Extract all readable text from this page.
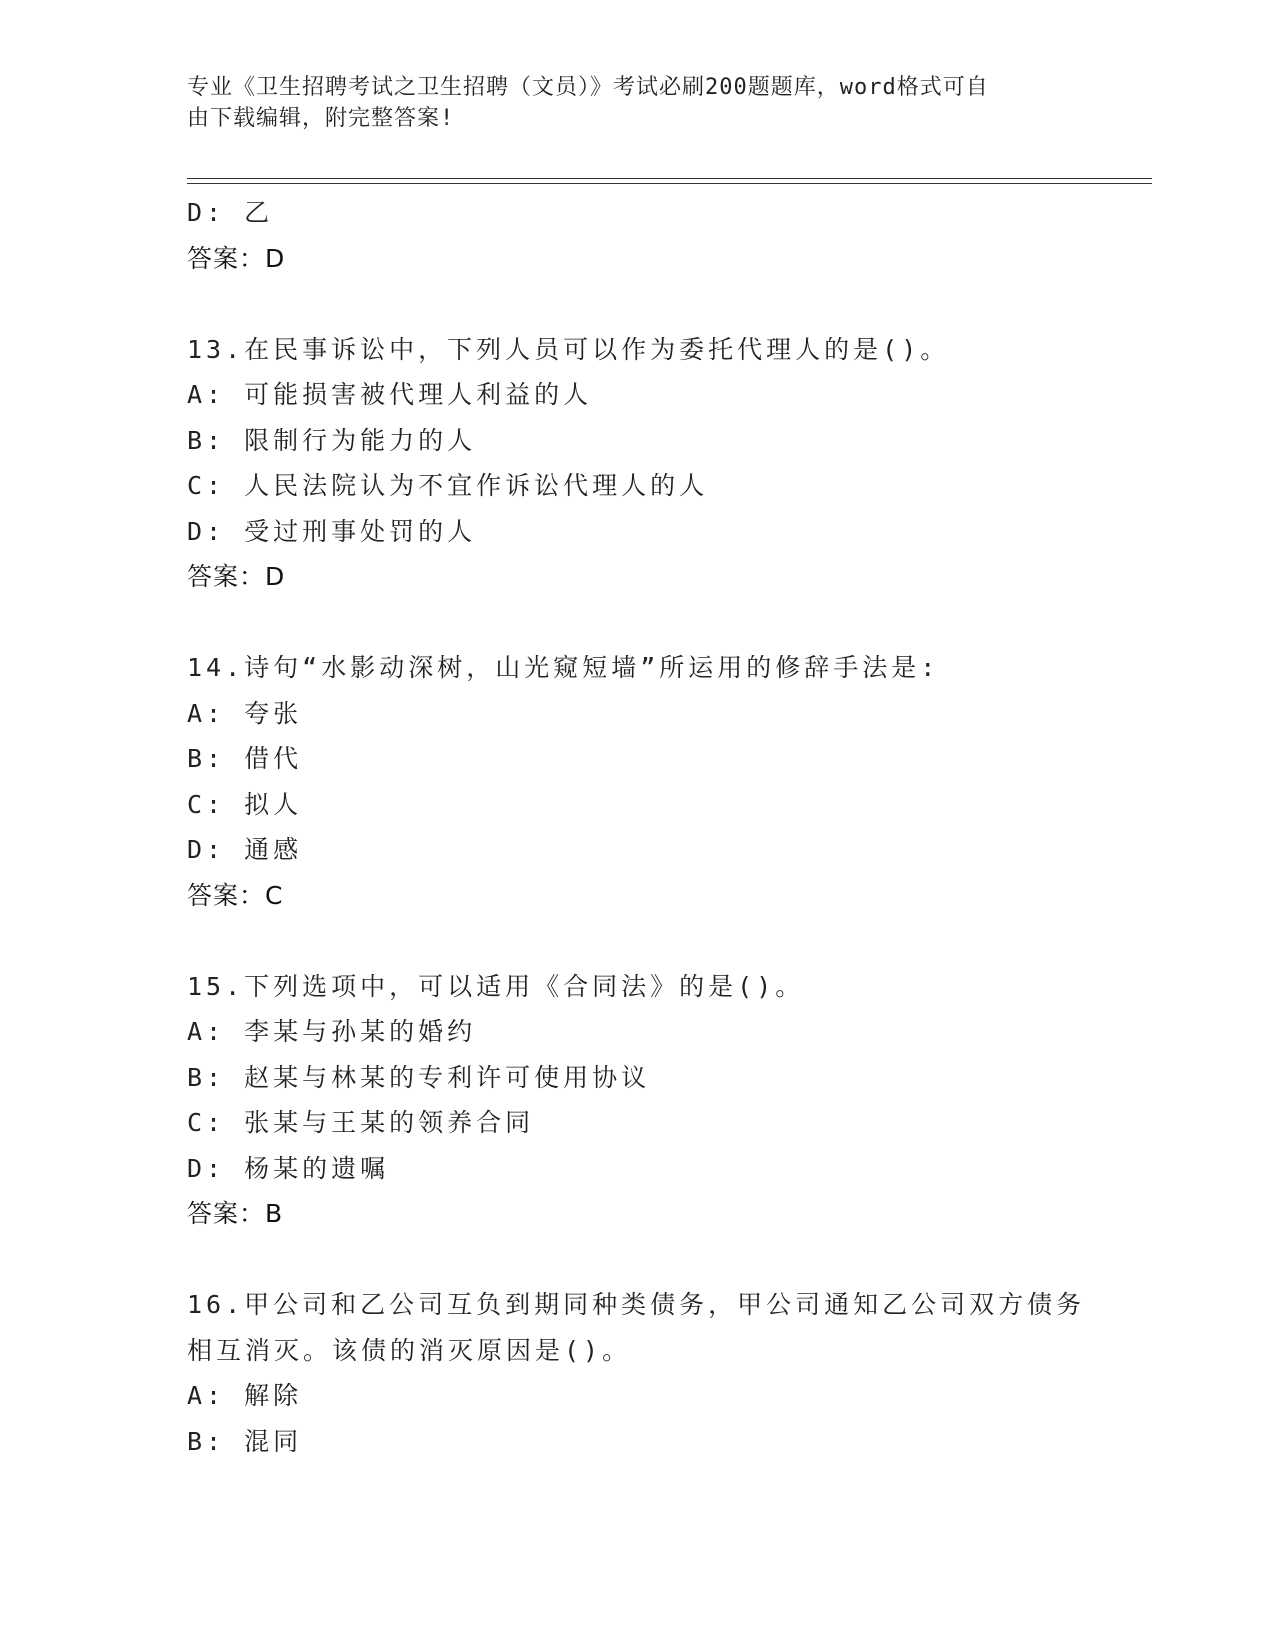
专业《卫生招聘考试之卫生招聘（文员）》考试必刷200题题库，word格式可自
由下载编辑，附完整答案!
D: 乙
答案：D
13.在民事诉讼中，下列人员可以作为委托代理人的是()。
A: 可能损害被代理人利益的人
B: 限制行为能力的人
C: 人民法院认为不宜作诉讼代理人的人
D: 受过刑事处罚的人
答案：D
14.诗句“水影动深树，山光窥短墙”所运用的修辞手法是:
A: 夸张
B: 借代
C: 拟人
D: 通感
答案：C
15.下列选项中，可以适用《合同法》的是()。
A: 李某与孙某的婚约
B: 赵某与林某的专利许可使用协议
C: 张某与王某的领养合同
D: 杨某的遗嘱
答案：B
16.甲公司和乙公司互负到期同种类债务，甲公司通知乙公司双方债务
相互消灭。该债的消灭原因是()。
A: 解除
B: 混同
